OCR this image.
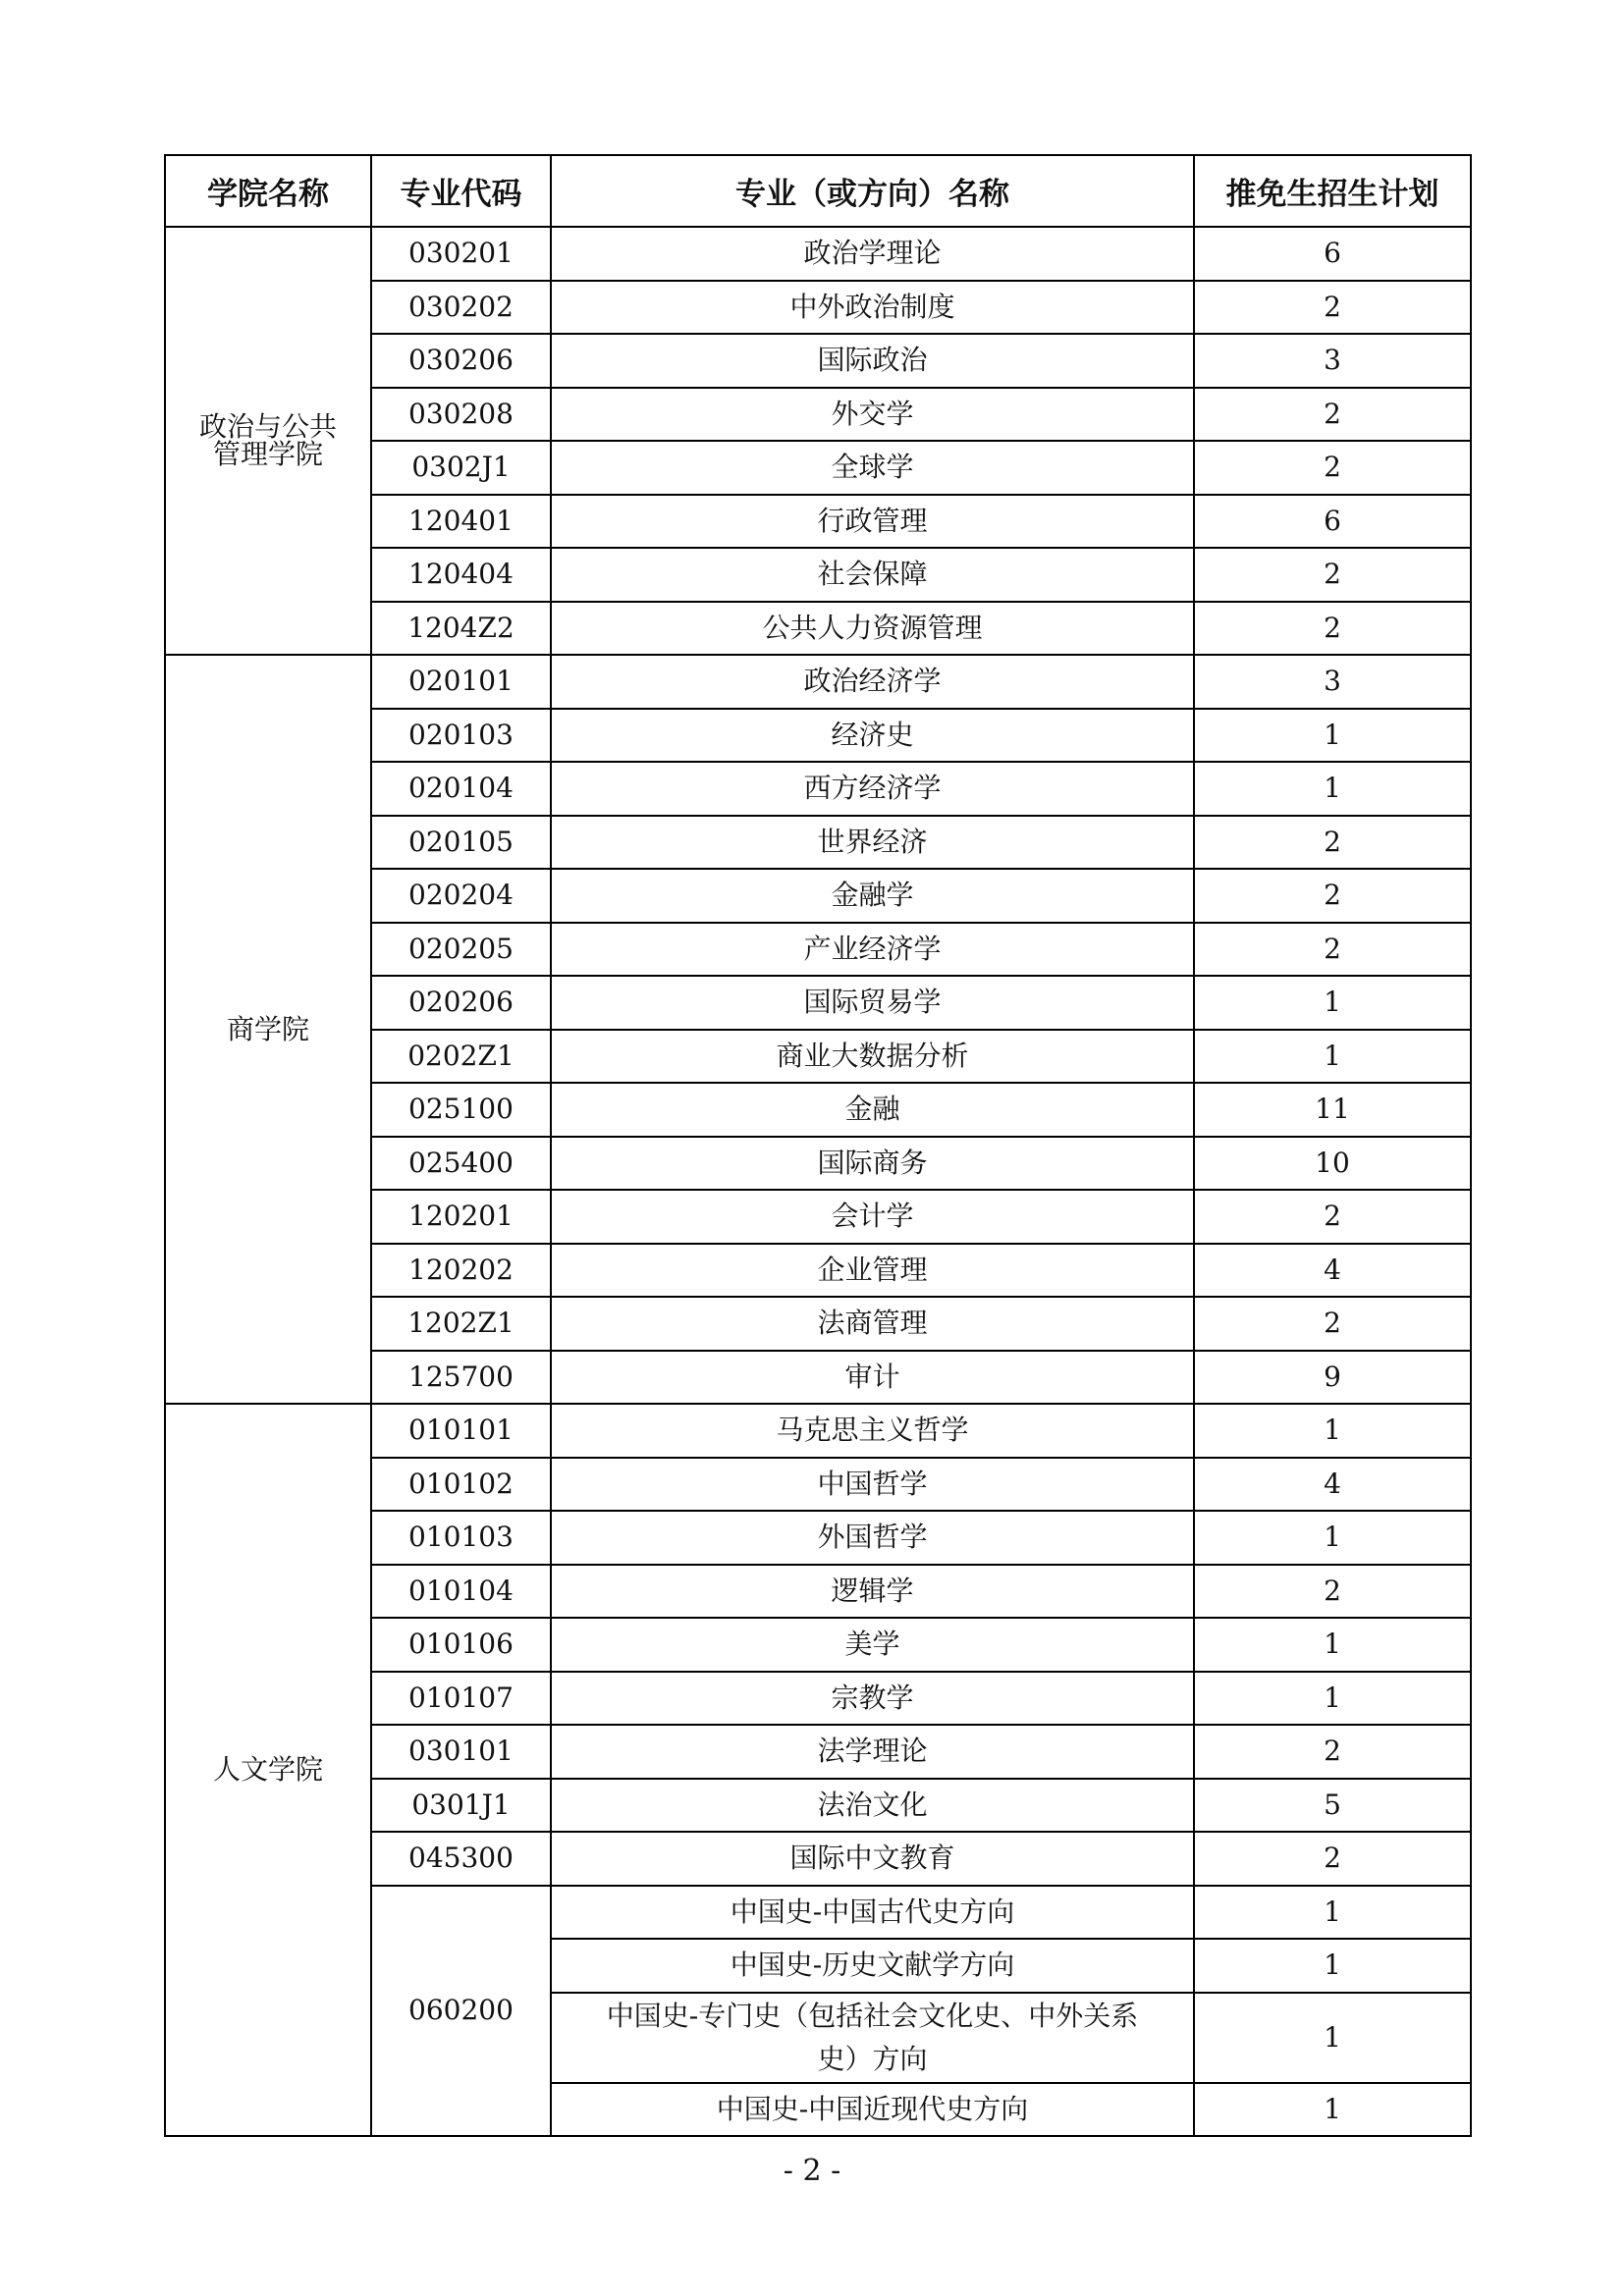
学院名称	专业代码	专业（或方向）名称	推免生招生计划
政治与公共
管理学院	030201	政治学理论	6
	030202	中外政治制度	2
	030206	国际政治	3
	030208	外交学	2
	0302J1	全球学	2
	120401	行政管理	6
	120404	社会保障	2
	1204Z2	公共人力资源管理	2
商学院	020101	政治经济学	3
	020103	经济史	1
	020104	西方经济学	1
	020105	世界经济	2
	020204	金融学	2
	020205	产业经济学	2
	020206	国际贸易学	1
	0202Z1	商业大数据分析	1
	025100	金融	11
	025400	国际商务	10
	120201	会计学	2
	120202	企业管理	4
	1202Z1	法商管理	2
	125700	审计	9
人文学院	010101	马克思主义哲学	1
	010102	中国哲学	4
	010103	外国哲学	1
	010104	逻辑学	2
	010106	美学	1
	010107	宗教学	1
	030101	法学理论	2
	0301J1	法治文化	5
	045300	国际中文教育	2
	060200	中国史-中国古代史方向	1
		中国史-历史文献学方向	1
		中国史-专门史（包括社会文化史、中外关系
史）方向	1
		中国史-中国近现代史方向	1
- 2 -
